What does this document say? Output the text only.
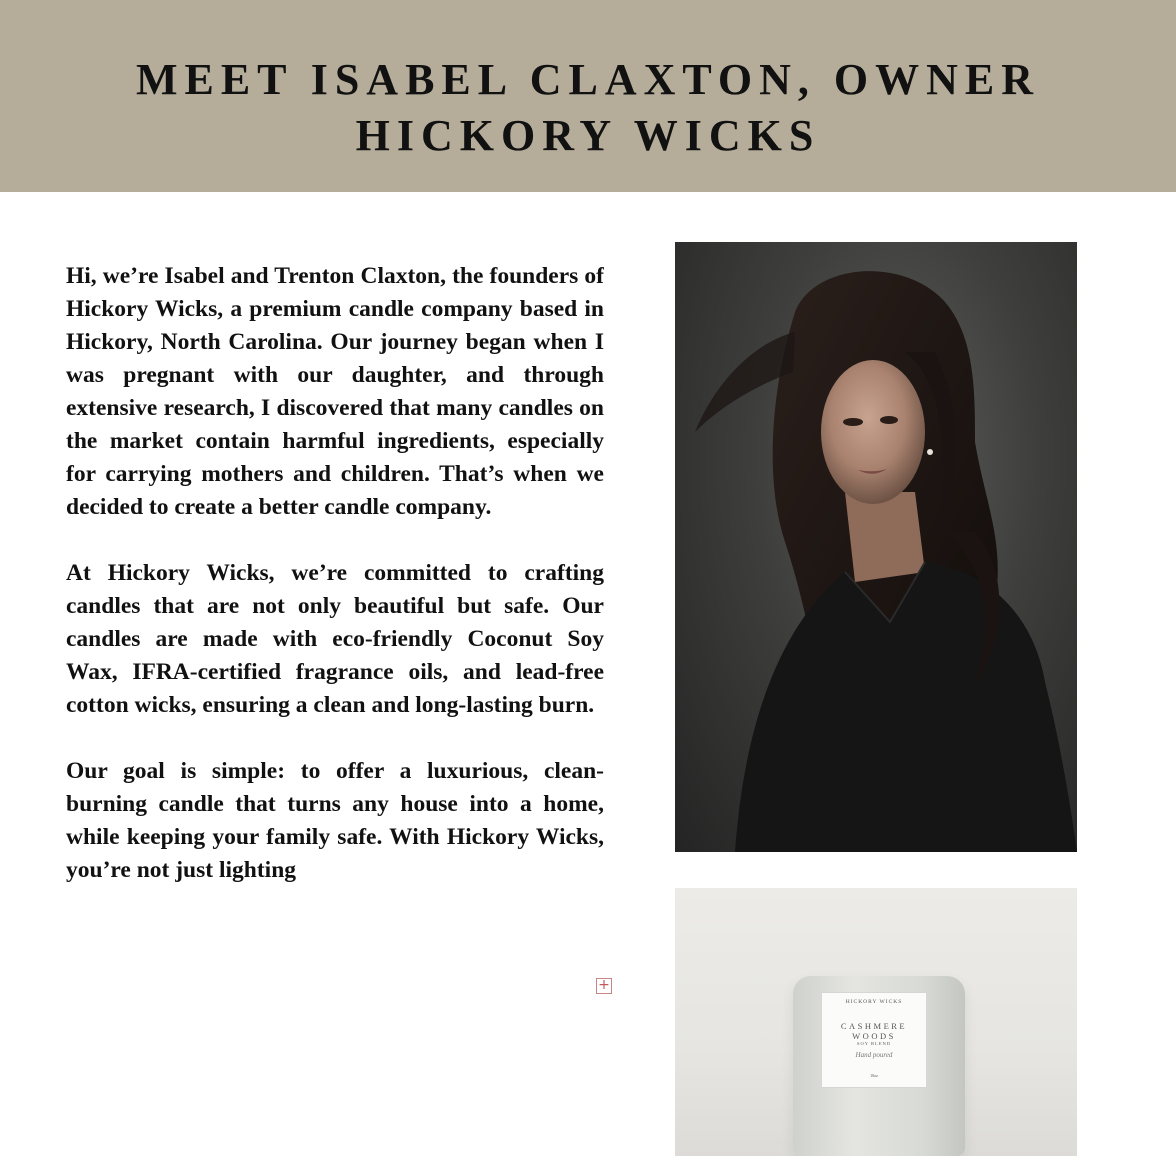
MEET ISABEL CLAXTON, OWNER
HICKORY WICKS

Hi, we’re Isabel and Trenton Claxton, the founders of Hickory Wicks, a premium candle company based in Hickory, North Carolina. Our journey began when I was pregnant with our daughter, and through extensive research, I discovered that many candles on the market contain harmful ingredients, especially for carrying mothers and children. That’s when we decided to create a better candle company.

At Hickory Wicks, we’re committed to crafting candles that are not only beautiful but safe. Our candles are made with eco-friendly Coconut Soy Wax, IFRA-certified fragrance oils, and lead-free cotton wicks, ensuring a clean and long-lasting burn.

Our goal is simple: to offer a luxurious, clean-burning candle that turns any house into a home, while keeping your family safe. With Hickory Wicks, you’re not just lighting

+
HICKORY WICKS
CASHMERE
WOODS
SOY BLEND
Hand poured
10oz
